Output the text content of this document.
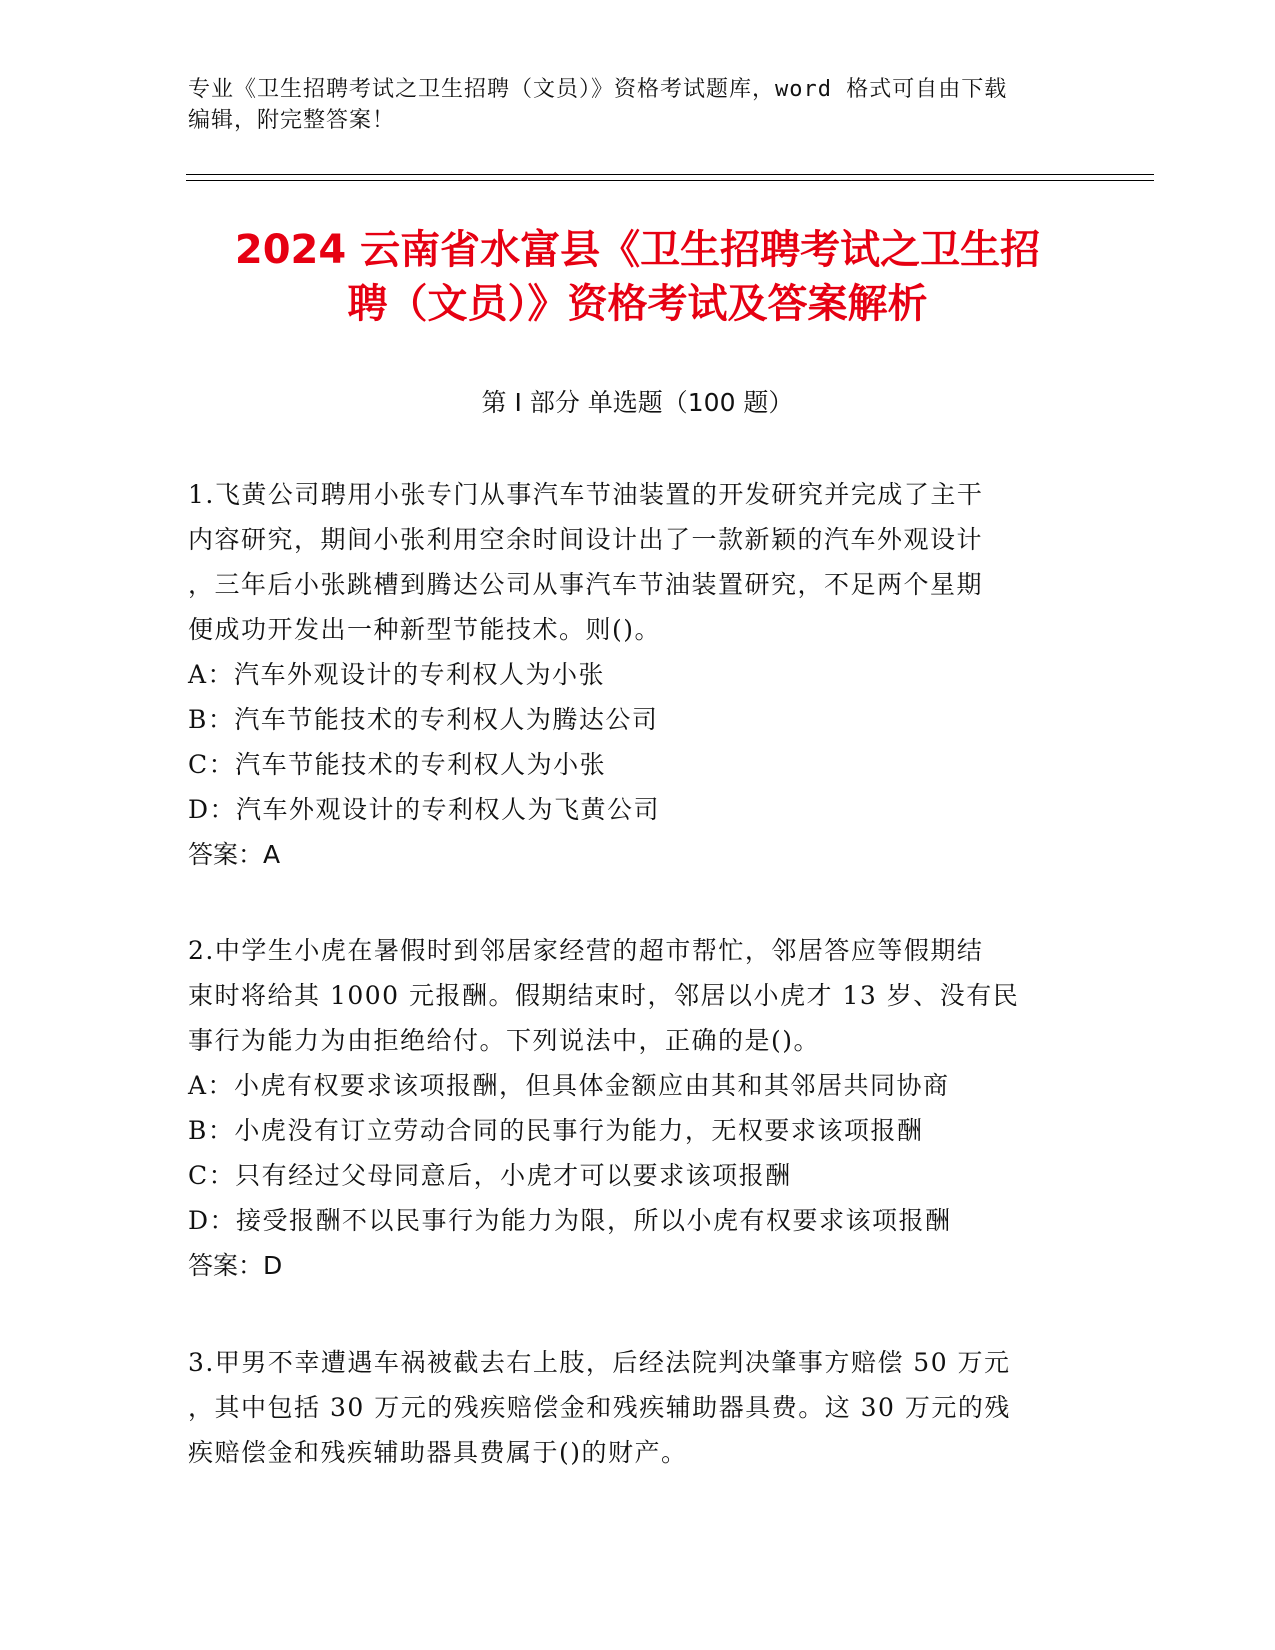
专业《卫生招聘考试之卫生招聘（文员）》资格考试题库，word 格式可自由下载
编辑，附完整答案！
2024 云南省水富县《卫生招聘考试之卫生招
聘（文员）》资格考试及答案解析
第 I 部分 单选题（100 题）
1.飞黄公司聘用小张专门从事汽车节油装置的开发研究并完成了主干
内容研究，期间小张利用空余时间设计出了一款新颖的汽车外观设计
，三年后小张跳槽到腾达公司从事汽车节油装置研究，不足两个星期
便成功开发出一种新型节能技术。则()。
A：汽车外观设计的专利权人为小张
B：汽车节能技术的专利权人为腾达公司
C：汽车节能技术的专利权人为小张
D：汽车外观设计的专利权人为飞黄公司
答案：A
2.中学生小虎在暑假时到邻居家经营的超市帮忙，邻居答应等假期结
束时将给其 1000 元报酬。假期结束时，邻居以小虎才 13 岁、没有民
事行为能力为由拒绝给付。下列说法中，正确的是()。
A：小虎有权要求该项报酬，但具体金额应由其和其邻居共同协商
B：小虎没有订立劳动合同的民事行为能力，无权要求该项报酬
C：只有经过父母同意后，小虎才可以要求该项报酬
D：接受报酬不以民事行为能力为限，所以小虎有权要求该项报酬
答案：D
3.甲男不幸遭遇车祸被截去右上肢，后经法院判决肇事方赔偿 50 万元
，其中包括 30 万元的残疾赔偿金和残疾辅助器具费。这 30 万元的残
疾赔偿金和残疾辅助器具费属于()的财产。
